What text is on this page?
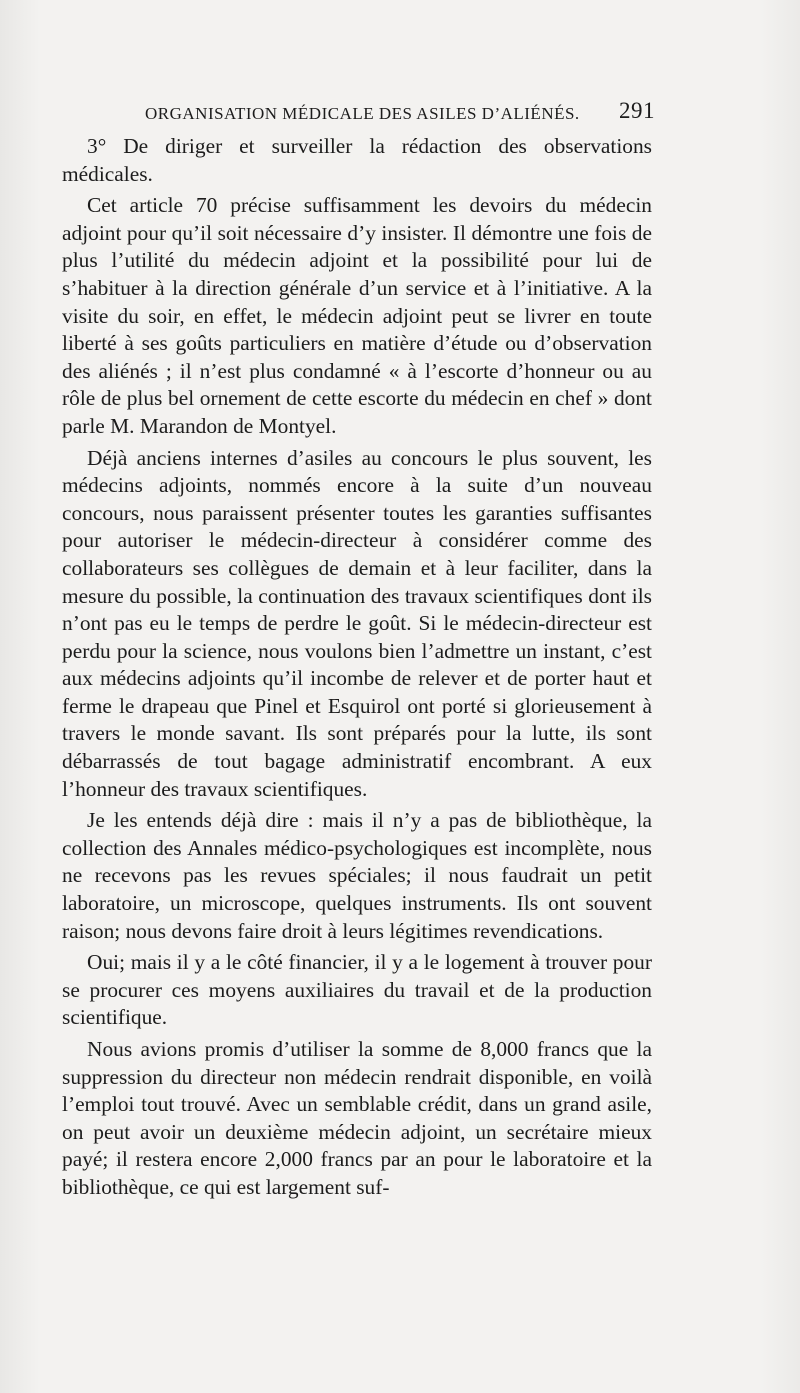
ORGANISATION MÉDICALE DES ASILES D’ALIÉNÉS. 291

3° De diriger et surveiller la rédaction des observations médicales.

Cet article 70 précise suffisamment les devoirs du médecin adjoint pour qu’il soit nécessaire d’y insister. Il démontre une fois de plus l’utilité du médecin adjoint et la possibilité pour lui de s’habituer à la direction générale d’un service et à l’initiative. A la visite du soir, en effet, le médecin adjoint peut se livrer en toute liberté à ses goûts particuliers en matière d’étude ou d’observation des aliénés ; il n’est plus condamné « à l’escorte d’honneur ou au rôle de plus bel ornement de cette escorte du médecin en chef » dont parle M. Marandon de Montyel.

Déjà anciens internes d’asiles au concours le plus souvent, les médecins adjoints, nommés encore à la suite d’un nouveau concours, nous paraissent présenter toutes les garanties suffisantes pour autoriser le médecin-directeur à considérer comme des collaborateurs ses collègues de demain et à leur faciliter, dans la mesure du possible, la continuation des travaux scientifiques dont ils n’ont pas eu le temps de perdre le goût. Si le médecin-directeur est perdu pour la science, nous voulons bien l’admettre un instant, c’est aux médecins adjoints qu’il incombe de relever et de porter haut et ferme le drapeau que Pinel et Esquirol ont porté si glorieusement à travers le monde savant. Ils sont préparés pour la lutte, ils sont débarrassés de tout bagage administratif encombrant. A eux l’honneur des travaux scientifiques.

Je les entends déjà dire : mais il n’y a pas de bibliothèque, la collection des Annales médico-psychologiques est incomplète, nous ne recevons pas les revues spéciales; il nous faudrait un petit laboratoire, un microscope, quelques instruments. Ils ont souvent raison; nous devons faire droit à leurs légitimes revendications.

Oui; mais il y a le côté financier, il y a le logement à trouver pour se procurer ces moyens auxiliaires du travail et de la production scientifique.

Nous avions promis d’utiliser la somme de 8,000 francs que la suppression du directeur non médecin rendrait disponible, en voilà l’emploi tout trouvé. Avec un semblable crédit, dans un grand asile, on peut avoir un deuxième médecin adjoint, un secrétaire mieux payé; il restera encore 2,000 francs par an pour le laboratoire et la bibliothèque, ce qui est largement suf-
